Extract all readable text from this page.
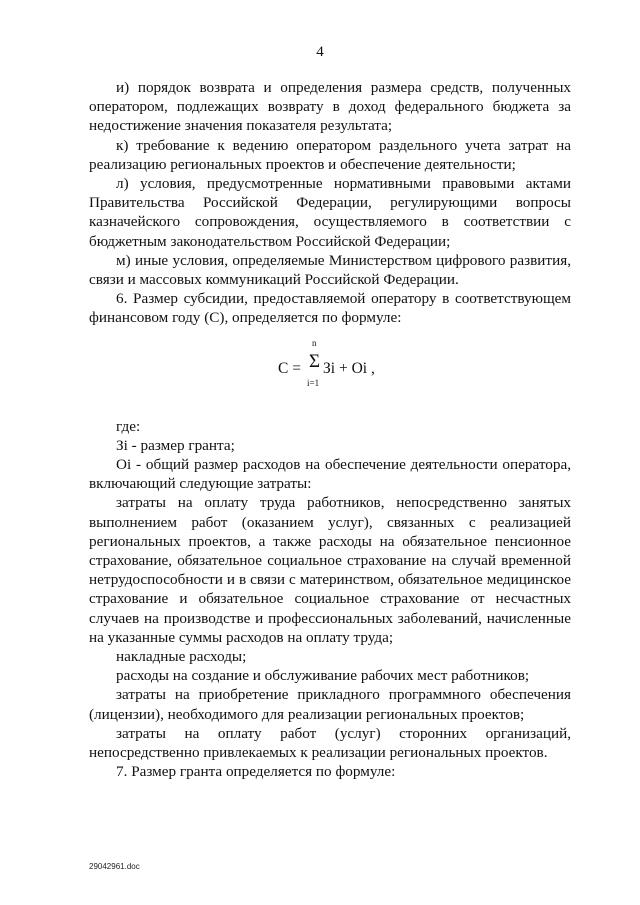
4

и) порядок возврата и определения размера средств, полученных оператором, подлежащих возврату в доход федерального бюджета за недостижение значения показателя результата;

к) требование к ведению оператором раздельного учета затрат на реализацию региональных проектов и обеспечение деятельности;

л) условия, предусмотренные нормативными правовыми актами Правительства Российской Федерации, регулирующими вопросы казначейского сопровождения, осуществляемого в соответствии с бюджетным законодательством Российской Федерации;

м) иные условия, определяемые Министерством цифрового развития, связи и массовых коммуникаций Российской Федерации.

6. Размер субсидии, предоставляемой оператору в соответствующем финансовом году (С), определяется по формуле:

С =
n
Σ
i=1
Зi + Оi ,

где:

Зi - размер гранта;

Оi - общий размер расходов на обеспечение деятельности оператора, включающий следующие затраты:

затраты на оплату труда работников, непосредственно занятых выполнением работ (оказанием услуг), связанных с реализацией региональных проектов, а также расходы на обязательное пенсионное страхование, обязательное социальное страхование на случай временной нетрудоспособности и в связи с материнством, обязательное медицинское страхование и обязательное социальное страхование от несчастных случаев на производстве и профессиональных заболеваний, начисленные на указанные суммы расходов на оплату труда;

накладные расходы;

расходы на создание и обслуживание рабочих мест работников;

затраты на приобретение прикладного программного обеспечения (лицензии), необходимого для реализации региональных проектов;

затраты на оплату работ (услуг) сторонних организаций, непосредственно привлекаемых к реализации региональных проектов.

7. Размер гранта определяется по формуле:

29042961.doc
